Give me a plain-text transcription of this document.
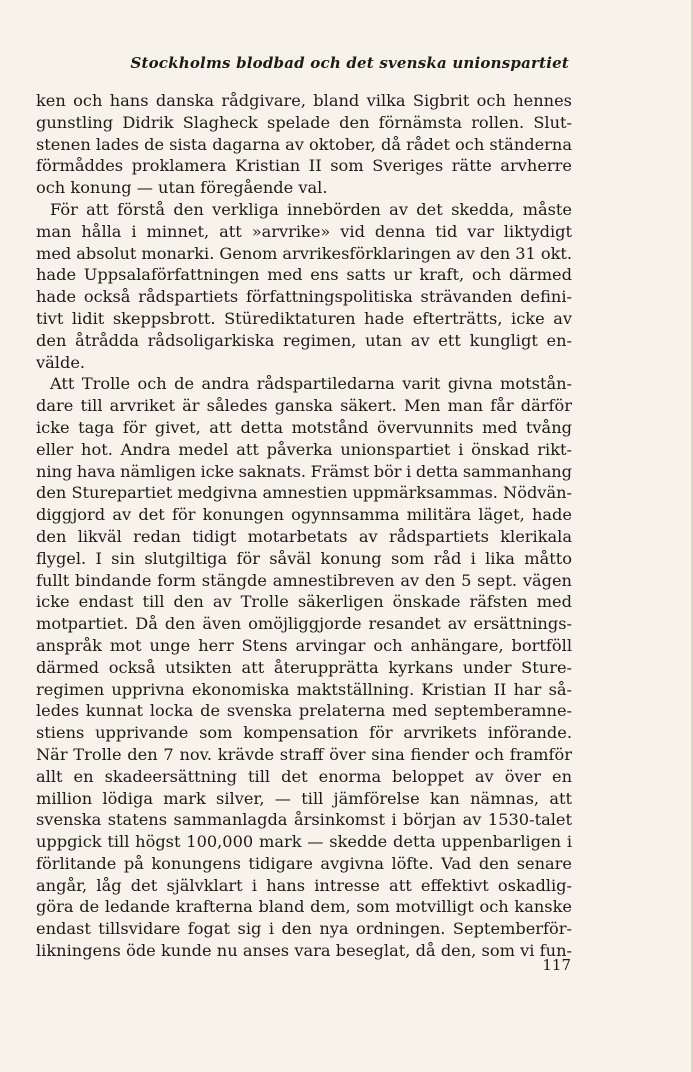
Stockholms blodbad och det svenska unionspartiet
ken och hans danska rådgivare, bland vilka Sigbrit och hennes
gunstling Didrik Slagheck spelade den förnämsta rollen. Slut-
stenen lades de sista dagarna av oktober, då rådet och ständerna
förmåddes proklamera Kristian II som Sveriges rätte arvherre
och konung — utan föregående val.
För att förstå den verkliga innebörden av det skedda, måste
man hålla i minnet, att »arvrike» vid denna tid var liktydigt
med absolut monarki. Genom arvrikesförklaringen av den 31 okt.
hade Uppsalaförfattningen med ens satts ur kraft, och därmed
hade också rådspartiets författningspolitiska strävanden defini-
tivt lidit skeppsbrott. Stürediktaturen hade efterträtts, icke av
den åtrådda rådsoligarkiska regimen, utan av ett kungligt en-
välde.
Att Trolle och de andra rådspartiledarna varit givna motstån-
dare till arvriket är således ganska säkert. Men man får därför
icke taga för givet, att detta motstånd övervunnits med tvång
eller hot. Andra medel att påverka unionspartiet i önskad rikt-
ning hava nämligen icke saknats. Främst bör i detta sammanhang
den Sturepartiet medgivna amnestien uppmärksammas. Nödvän-
diggjord av det för konungen ogynnsamma militära läget, hade
den likväl redan tidigt motarbetats av rådspartiets klerikala
flygel. I sin slutgiltiga för såväl konung som råd i lika måtto
fullt bindande form stängde amnestibreven av den 5 sept. vägen
icke endast till den av Trolle säkerligen önskade räfsten med
motpartiet. Då den även omöjliggjorde resandet av ersättnings-
anspråk mot unge herr Stens arvingar och anhängare, bortföll
därmed också utsikten att återupprätta kyrkans under Sture-
regimen upprivna ekonomiska maktställning. Kristian II har så-
ledes kunnat locka de svenska prelaterna med septemberamne-
stiens upprivande som kompensation för arvrikets införande.
När Trolle den 7 nov. krävde straff över sina fiender och framför
allt en skadeersättning till det enorma beloppet av över en
million lödiga mark silver, — till jämförelse kan nämnas, att
svenska statens sammanlagda årsinkomst i början av 1530-talet
uppgick till högst 100,000 mark — skedde detta uppenbarligen i
förlitande på konungens tidigare avgivna löfte. Vad den senare
angår, låg det självklart i hans intresse att effektivt oskadlig-
göra de ledande krafterna bland dem, som motvilligt och kanske
endast tillsvidare fogat sig i den nya ordningen. Septemberför-
likningens öde kunde nu anses vara beseglat, då den, som vi fun-
117
